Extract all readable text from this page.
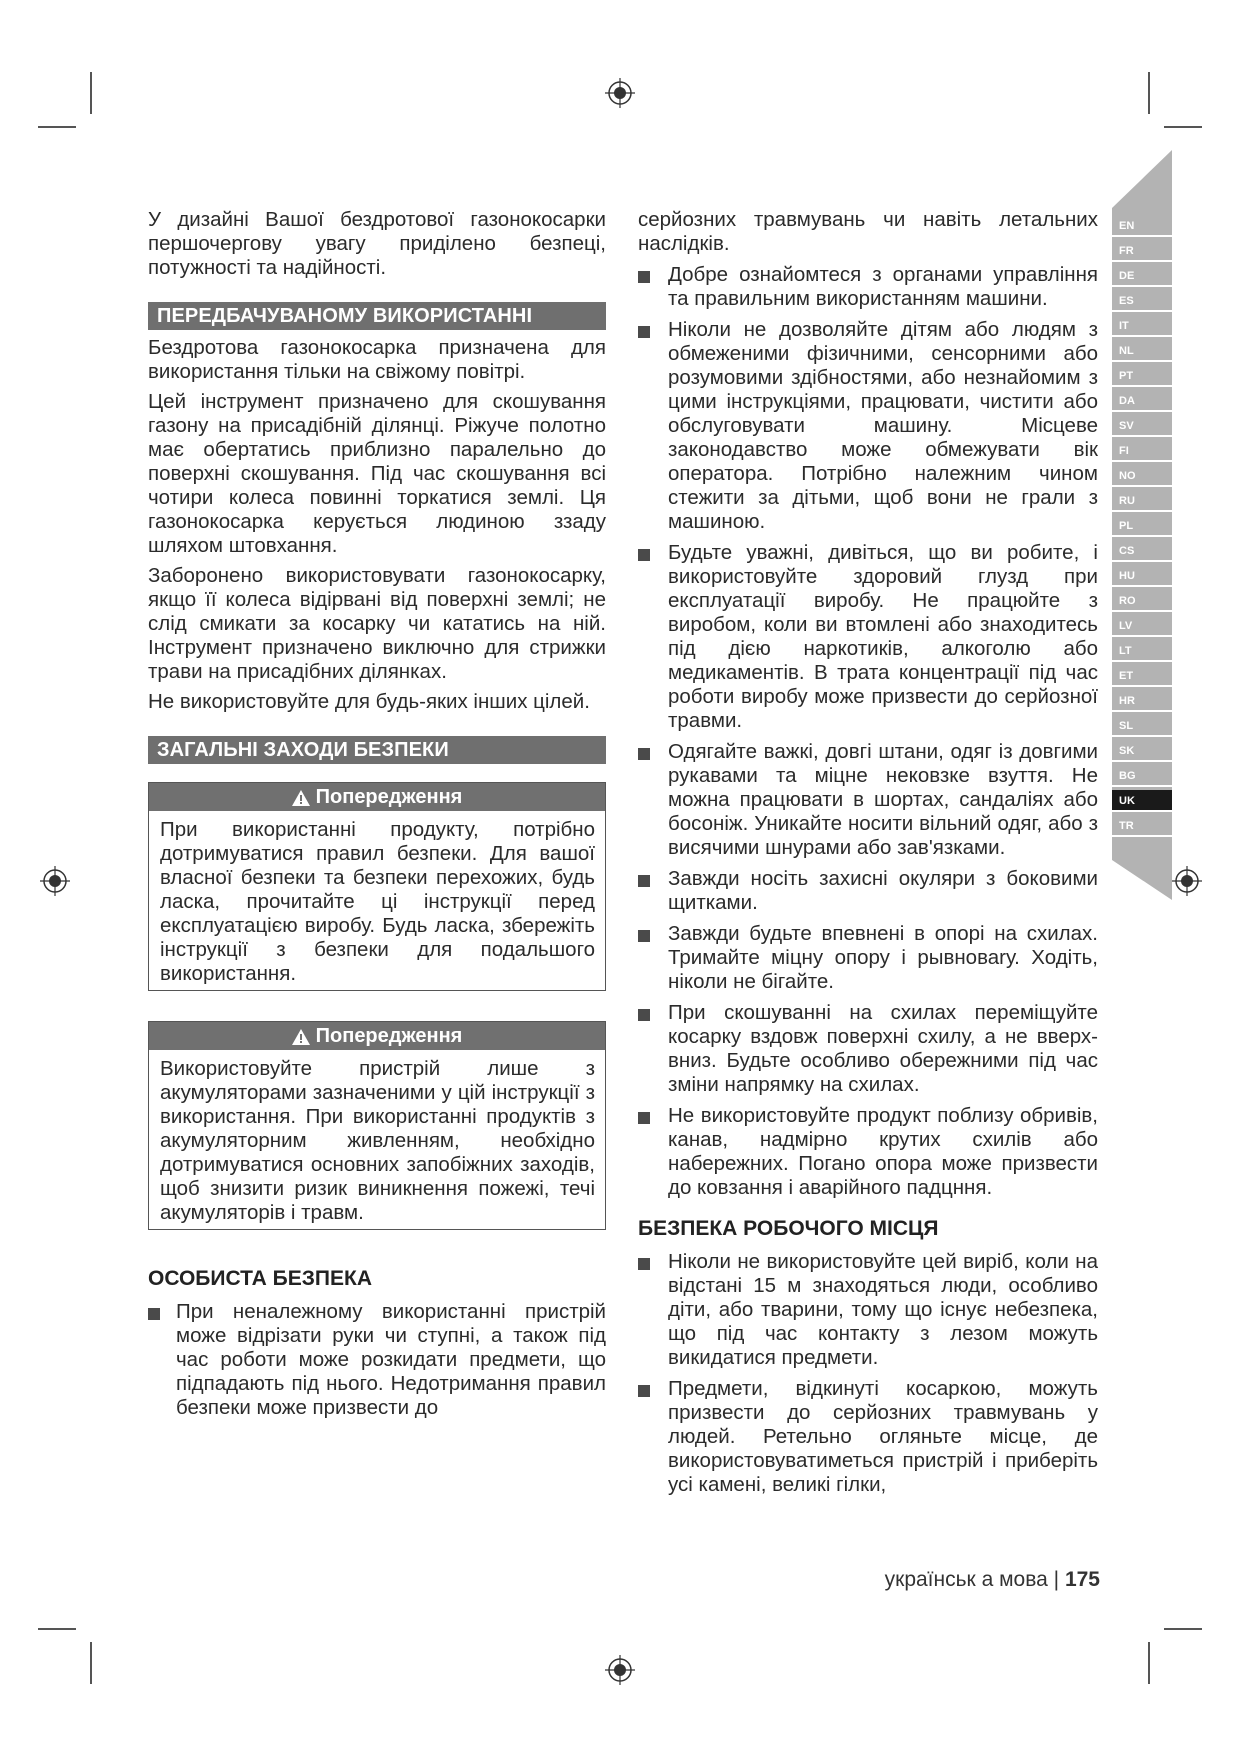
EN
FR
DE
ES
IT
NL
PT
DA
SV
FI
NO
RU
PL
CS
HU
RO
LV
LT
ET
HR
SL
SK
BG
UK
TR

У дизайні Вашої бездротової газонокосарки першочергову увагу приділено безпеці, потужності та надійності.

ПЕРЕДБАЧУВАНОМУ ВИКОРИСТАННІ

Бездротова газонокосарка призначена для використання тільки на свіжому повітрі.

Цей інструмент призначено для скошування газону на присадібній ділянці. Ріжуче полотно має обертатись приблизно паралельно до поверхні скошування. Під час скошування всі чотири колеса повинні торкатися землі. Ця газонокосарка керується людиною ззаду шляхом штовхання.

Заборонено використовувати газонокосарку, якщо її колеса відірвані від поверхні землі; не слід смикати за косарку чи кататись на ній. Інструмент призначено виключно для стрижки трави на присадібних ділянках.

Не використовуйте для будь-яких інших цілей.

ЗАГАЛЬНІ ЗАХОДИ БЕЗПЕКИ
Попередження
При використанні продукту, потрібно дотримуватися правил безпеки. Для вашої власної безпеки та безпеки перехожих, будь ласка, прочитайте ці інструкції перед експлуатацією виробу. Будь ласка, збережіть інструкції з безпеки для подальшого використання.
Попередження
Використовуйте пристрій лише з акумуляторами зазначеними у цій інструкції з використання. При використанні продуктів з акумуляторним живленням, необхідно дотримуватися основних запобіжних заходів, щоб знизити ризик виникнення пожежі, течі акумуляторів і травм.
ОСОБИСТА БЕЗПЕКА
При неналежному використанні пристрій може відрізати руки чи ступні, а також під час роботи може розкидати предмети, що підпадають під нього. Недотримання правил безпеки може призвести до

серйозних травмувань чи навіть летальних наслідків.

Добре ознайомтеся з органами управління та правильним використанням машини.
Ніколи не дозволяйте дітям або людям з обмеженими фізичними, сенсорними або розумовими здібностями, або незнайомим з цими інструкціями, працювати, чистити або обслуговувати машину. Місцеве законодавство може обмежувати вік оператора. Потрібно належним чином стежити за дітьми, щоб вони не грали з машиною.
Будьте уважні, дивіться, що ви робите, і використовуйте здоровий глузд при експлуатації виробу. Не працюйте з виробом, коли ви втомлені або знаходитесь під дією наркотиків, алкоголю або медикаментів. В трата концентрації під час роботи виробу може призвести до серйозної травми.
Одягайте важкі, довгі штани, одяг із довгими рукавами та міцне нековзке взуття. Не можна працювати в шортах, сандаліях або босоніж. Уникайте носити вільний одяг, або з висячими шнурами або зав'язками.
Завжди носіть захисні окуляри з боковими щитками.
Завжди будьте впевнені в опорі на схилах. Тримайте міцну опору і рывноваrу. Ходіть, ніколи не бігайте.
При скошуванні на схилах переміщуйте косарку вздовж поверхні схилу, а не вверх-вниз. Будьте особливо обережними під час зміни напрямку на схилах.
Не використовуйте продукт поблизу обривів, канав, надмірно крутих схилів або набережних. Погано опора може призвести до ковзання і аварійного падцння.
БЕЗПЕКА РОБОЧОГО МІСЦЯ
Ніколи не використовуйте цей виріб, коли на відстані 15 м знаходяться люди, особливо діти, або тварини, тому що існує небезпека, що під час контакту з лезом можуть викидатися предмети.
Предмети, відкинуті косаркою, можуть призвести до серйозних травмувань у людей. Ретельно огляньте місце, де використовуватиметься пристрій і приберіть усі камені, великі гілки,
українськ а мова | 175
